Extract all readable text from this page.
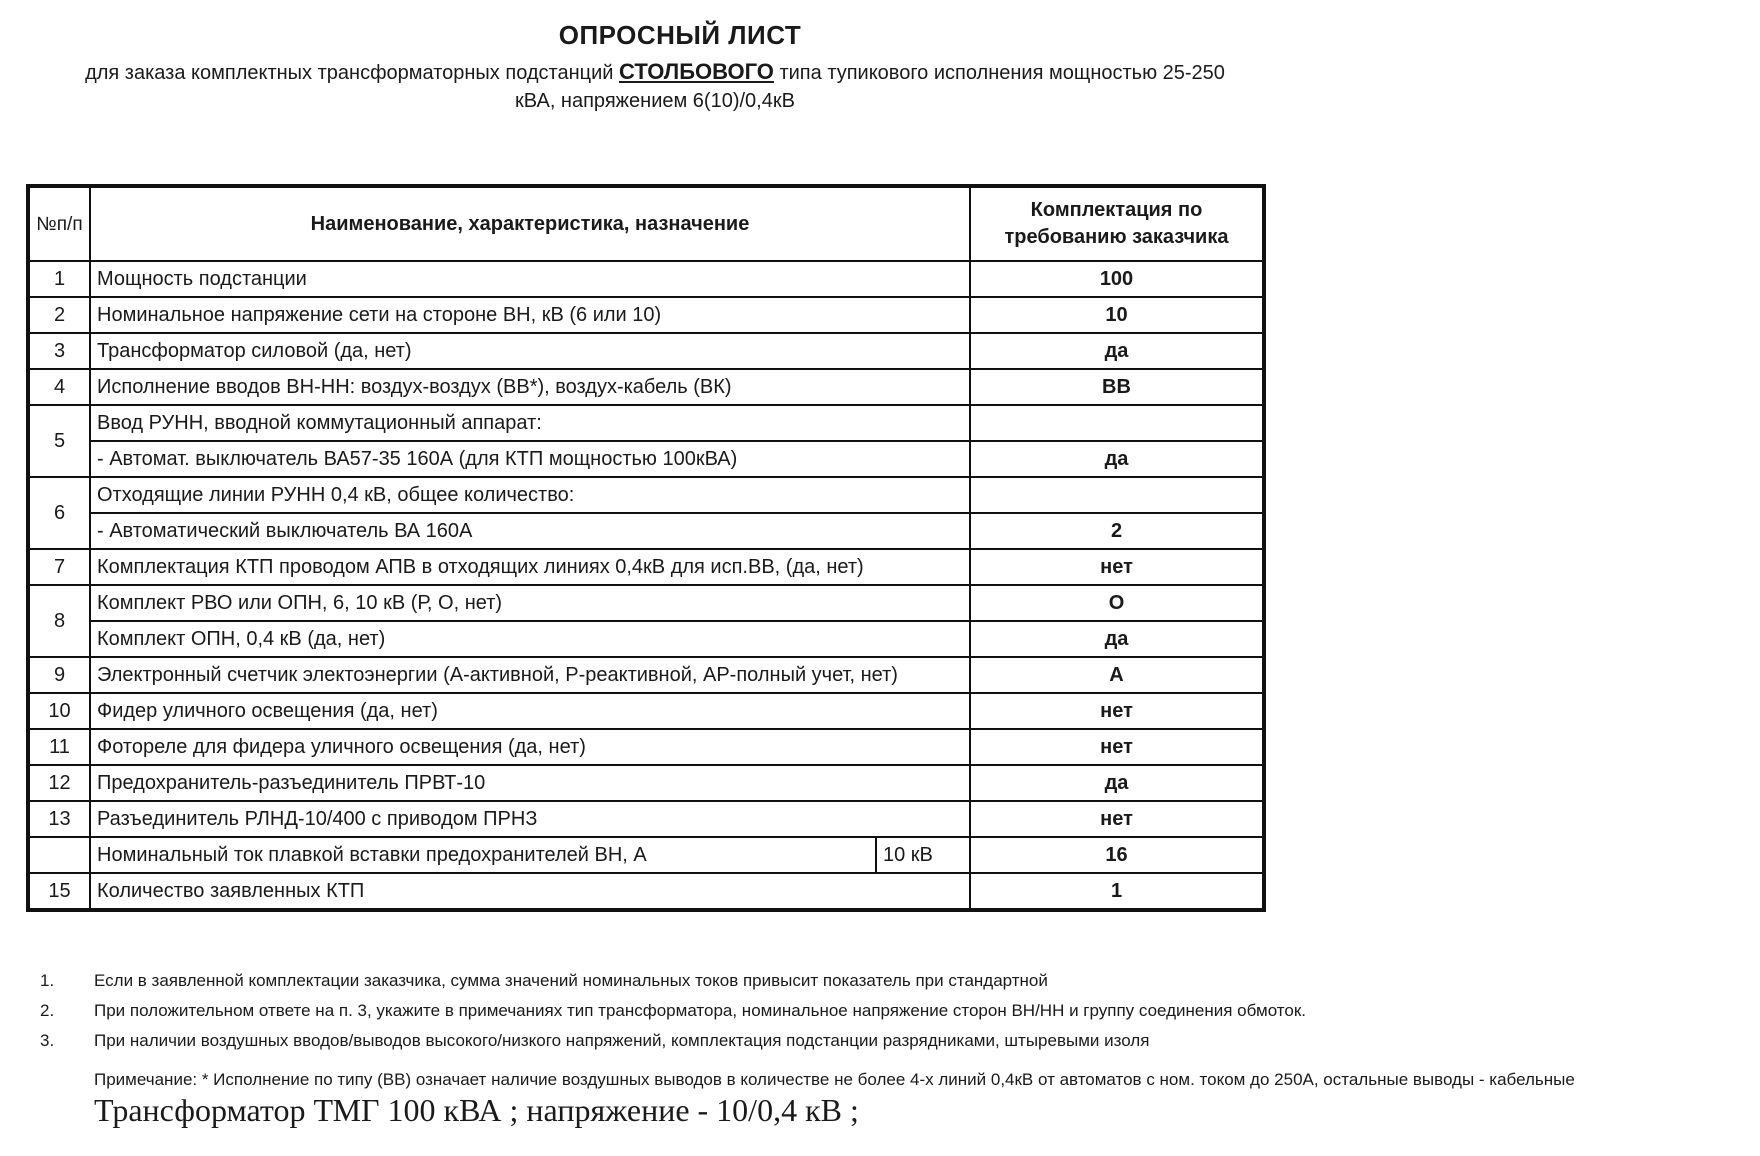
ОПРОСНЫЙ ЛИСТ
для заказа комплектных трансформаторных подстанций СТОЛБОВОГО типа тупикового исполнения мощностью 25-250
кВА, напряжением 6(10)/0,4кВ
№п/п	Наименование, характеристика, назначение		Комплектация по требованию заказчика
1	Мощность подстанции		100
2	Номинальное напряжение сети на стороне ВН, кВ (6 или 10)		10
3	Трансформатор силовой (да, нет)		да
4	Исполнение вводов ВН-НН: воздух-воздух (ВВ*), воздух-кабель (ВК)		ВВ
5	Ввод РУНН, вводной коммутационный аппарат:		
	- Автомат. выключатель ВА57-35 160А (для КТП мощностью 100кВА)		да
6	Отходящие линии РУНН 0,4 кВ, общее количество:		
	- Автоматический выключатель ВА 160А		2
7	Комплектация КТП проводом АПВ в отходящих линиях 0,4кВ для исп.ВВ, (да, нет)		нет
8	Комплект РВО или ОПН, 6, 10 кВ (Р, О, нет)		О
	Комплект ОПН, 0,4 кВ (да, нет)		да
9	Электронный счетчик электоэнергии (А-активной, Р-реактивной, АР-полный учет, нет)		А
10	Фидер уличного освещения (да, нет)		нет
11	Фотореле для фидера уличного освещения (да, нет)		нет
12	Предохранитель-разъединитель ПРВТ-10		да
13	Разъединитель РЛНД-10/400 с приводом ПРНЗ		нет
	Номинальный ток плавкой вставки предохранителей ВН, А	10 кВ	16
15	Количество заявленных КТП		1
1.	Если в заявленной комплектации заказчика, сумма значений номинальных токов привысит показатель при стандартной
2.	При положительном ответе на п. 3, укажите в примечаниях тип трансформатора, номинальное напряжение сторон ВН/НН и группу соединения обмоток.
3.	При наличии воздушных вводов/выводов высокого/низкого напряжений, комплектация подстанции разрядниками, штыревыми изоля
Примечание: * Исполнение по типу (ВВ) означает наличие воздушных выводов в количестве не более 4-х линий 0,4кВ от автоматов с ном. током до 250А, остальные выводы - кабельные
Трансформатор ТМГ 100 кВА ; напряжение - 10/0,4 кВ ;
